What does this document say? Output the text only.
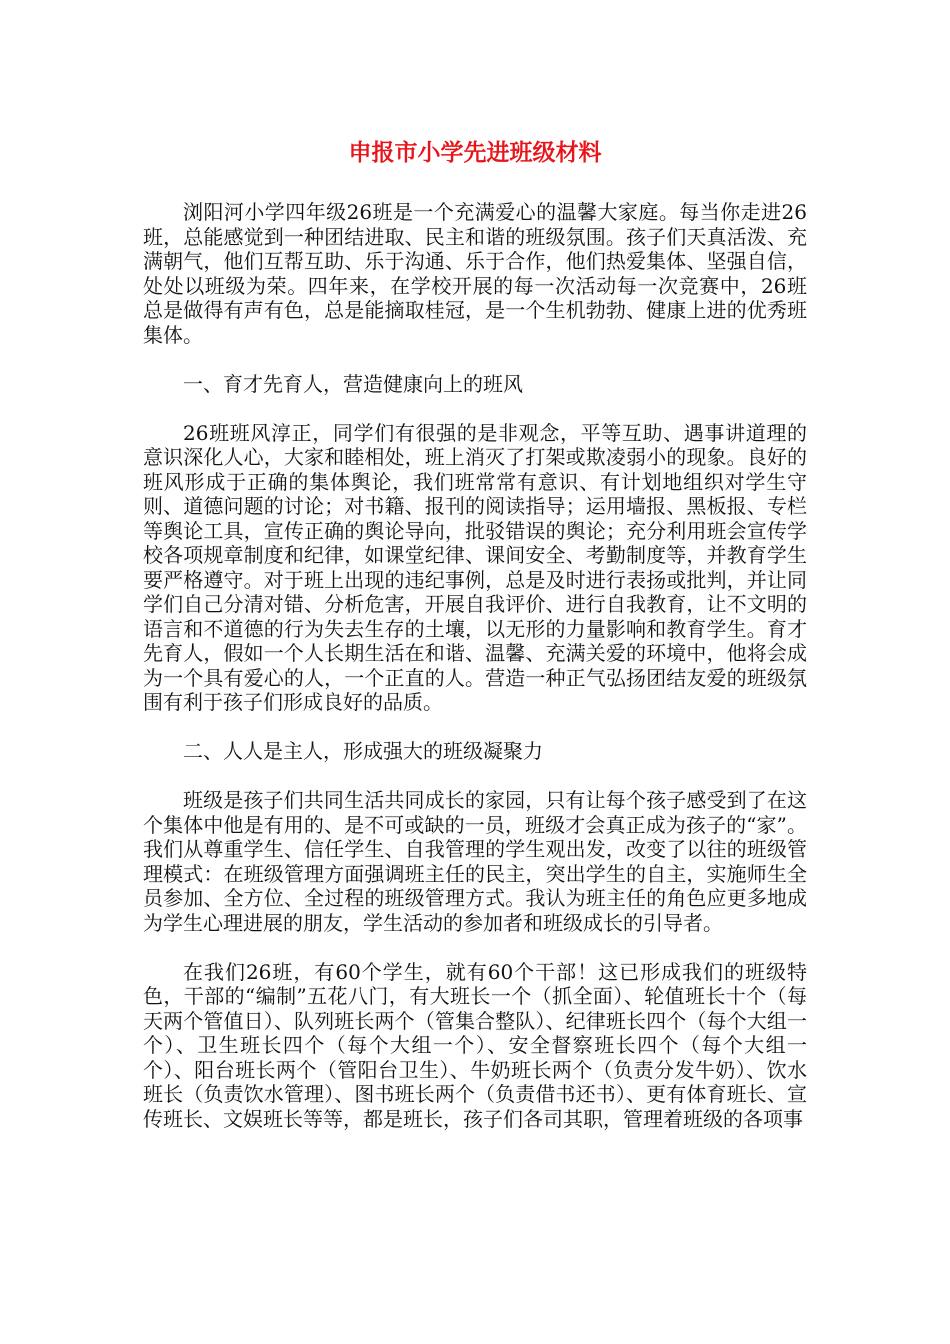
申报市小学先进班级材料

浏阳河小学四年级26班是一个充满爱心的温馨大家庭。每当你走进26班，总能感觉到一种团结进取、民主和谐的班级氛围。孩子们天真活泼、充满朝气，他们互帮互助、乐于沟通、乐于合作，他们热爱集体、坚强自信，处处以班级为荣。四年来，在学校开展的每一次活动每一次竞赛中，26班总是做得有声有色，总是能摘取桂冠，是一个生机勃勃、健康上进的优秀班集体。

一、育才先育人，营造健康向上的班风

26班班风淳正，同学们有很强的是非观念，平等互助、遇事讲道理的意识深化人心，大家和睦相处，班上消灭了打架或欺凌弱小的现象。良好的班风形成于正确的集体舆论，我们班常常有意识、有计划地组织对学生守则、道德问题的讨论；对书籍、报刊的阅读指导；运用墙报、黑板报、专栏等舆论工具，宣传正确的舆论导向，批驳错误的舆论；充分利用班会宣传学校各项规章制度和纪律，如课堂纪律、课间安全、考勤制度等，并教育学生要严格遵守。对于班上出现的违纪事例，总是及时进行表扬或批判，并让同学们自己分清对错、分析危害，开展自我评价、进行自我教育，让不文明的语言和不道德的行为失去生存的土壤，以无形的力量影响和教育学生。育才先育人，假如一个人长期生活在和谐、温馨、充满关爱的环境中，他将会成为一个具有爱心的人，一个正直的人。营造一种正气弘扬团结友爱的班级氛围有利于孩子们形成良好的品质。

二、人人是主人，形成强大的班级凝聚力

班级是孩子们共同生活共同成长的家园，只有让每个孩子感受到了在这个集体中他是有用的、是不可或缺的一员，班级才会真正成为孩子的“家”。我们从尊重学生、信任学生、自我管理的学生观出发，改变了以往的班级管理模式：在班级管理方面强调班主任的民主，突出学生的自主，实施师生全员参加、全方位、全过程的班级管理方式。我认为班主任的角色应更多地成为学生心理进展的朋友，学生活动的参加者和班级成长的引导者。

在我们26班，有60个学生，就有60个干部！这已形成我们的班级特色，干部的“编制”五花八门，有大班长一个（抓全面）、轮值班长十个（每天两个管值日）、队列班长两个（管集合整队）、纪律班长四个（每个大组一个）、卫生班长四个（每个大组一个）、安全督察班长四个（每个大组一个）、阳台班长两个（管阳台卫生）、牛奶班长两个（负责分发牛奶）、饮水班长（负责饮水管理）、图书班长两个（负责借书还书）、更有体育班长、宣传班长、文娱班长等等，都是班长，孩子们各司其职，管理着班级的各项事
